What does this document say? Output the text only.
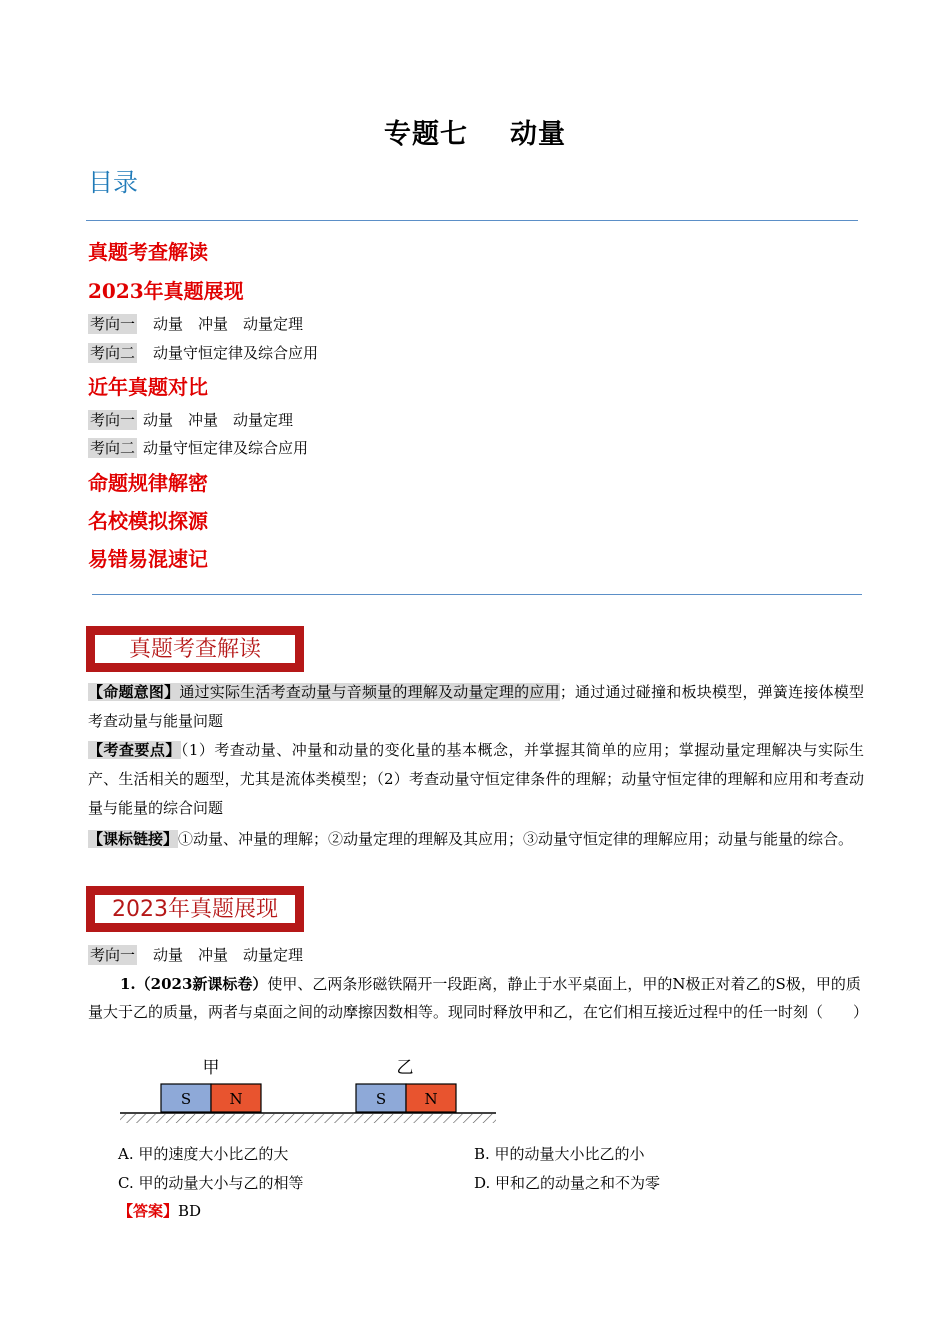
专题七 动量
目录
真题考查解读
2023年真题展现
考向一 动量　冲量　动量定理
考向二 动量守恒定律及综合应用
近年真题对比
考向一 动量　冲量　动量定理
考向二 动量守恒定律及综合应用
命题规律解密
名校模拟探源
易错易混速记
真题考查解读
【命题意图】通过实际生活考查动量与音频量的理解及动量定理的应用；通过通过碰撞和板块模型，弹簧连接体模型考查动量与能量问题
【考查要点】（1）考查动量、冲量和动量的变化量的基本概念，并掌握其简单的应用；掌握动量定理解决与实际生产、生活相关的题型，尤其是流体类模型；（2）考查动量守恒定律条件的理解；动量守恒定律的理解和应用和考查动量与能量的综合问题
【课标链接】①动量、冲量的理解；②动量定理的理解及其应用；③动量守恒定律的理解应用；动量与能量的综合。
2023年真题展现
考向一 动量　冲量　动量定理
1.（2023新课标卷）使甲、乙两条形磁铁隔开一段距离，静止于水平桌面上，甲的N极正对着乙的S极，甲的质量大于乙的质量，两者与桌面之间的动摩擦因数相等。现同时释放甲和乙，在它们相互接近过程中的任一时刻（　　）
甲	乙
S	N	S	N
A. 甲的速度大小比乙的大	B. 甲的动量大小比乙的小
C. 甲的动量大小与乙的相等	D. 甲和乙的动量之和不为零
【答案】BD
